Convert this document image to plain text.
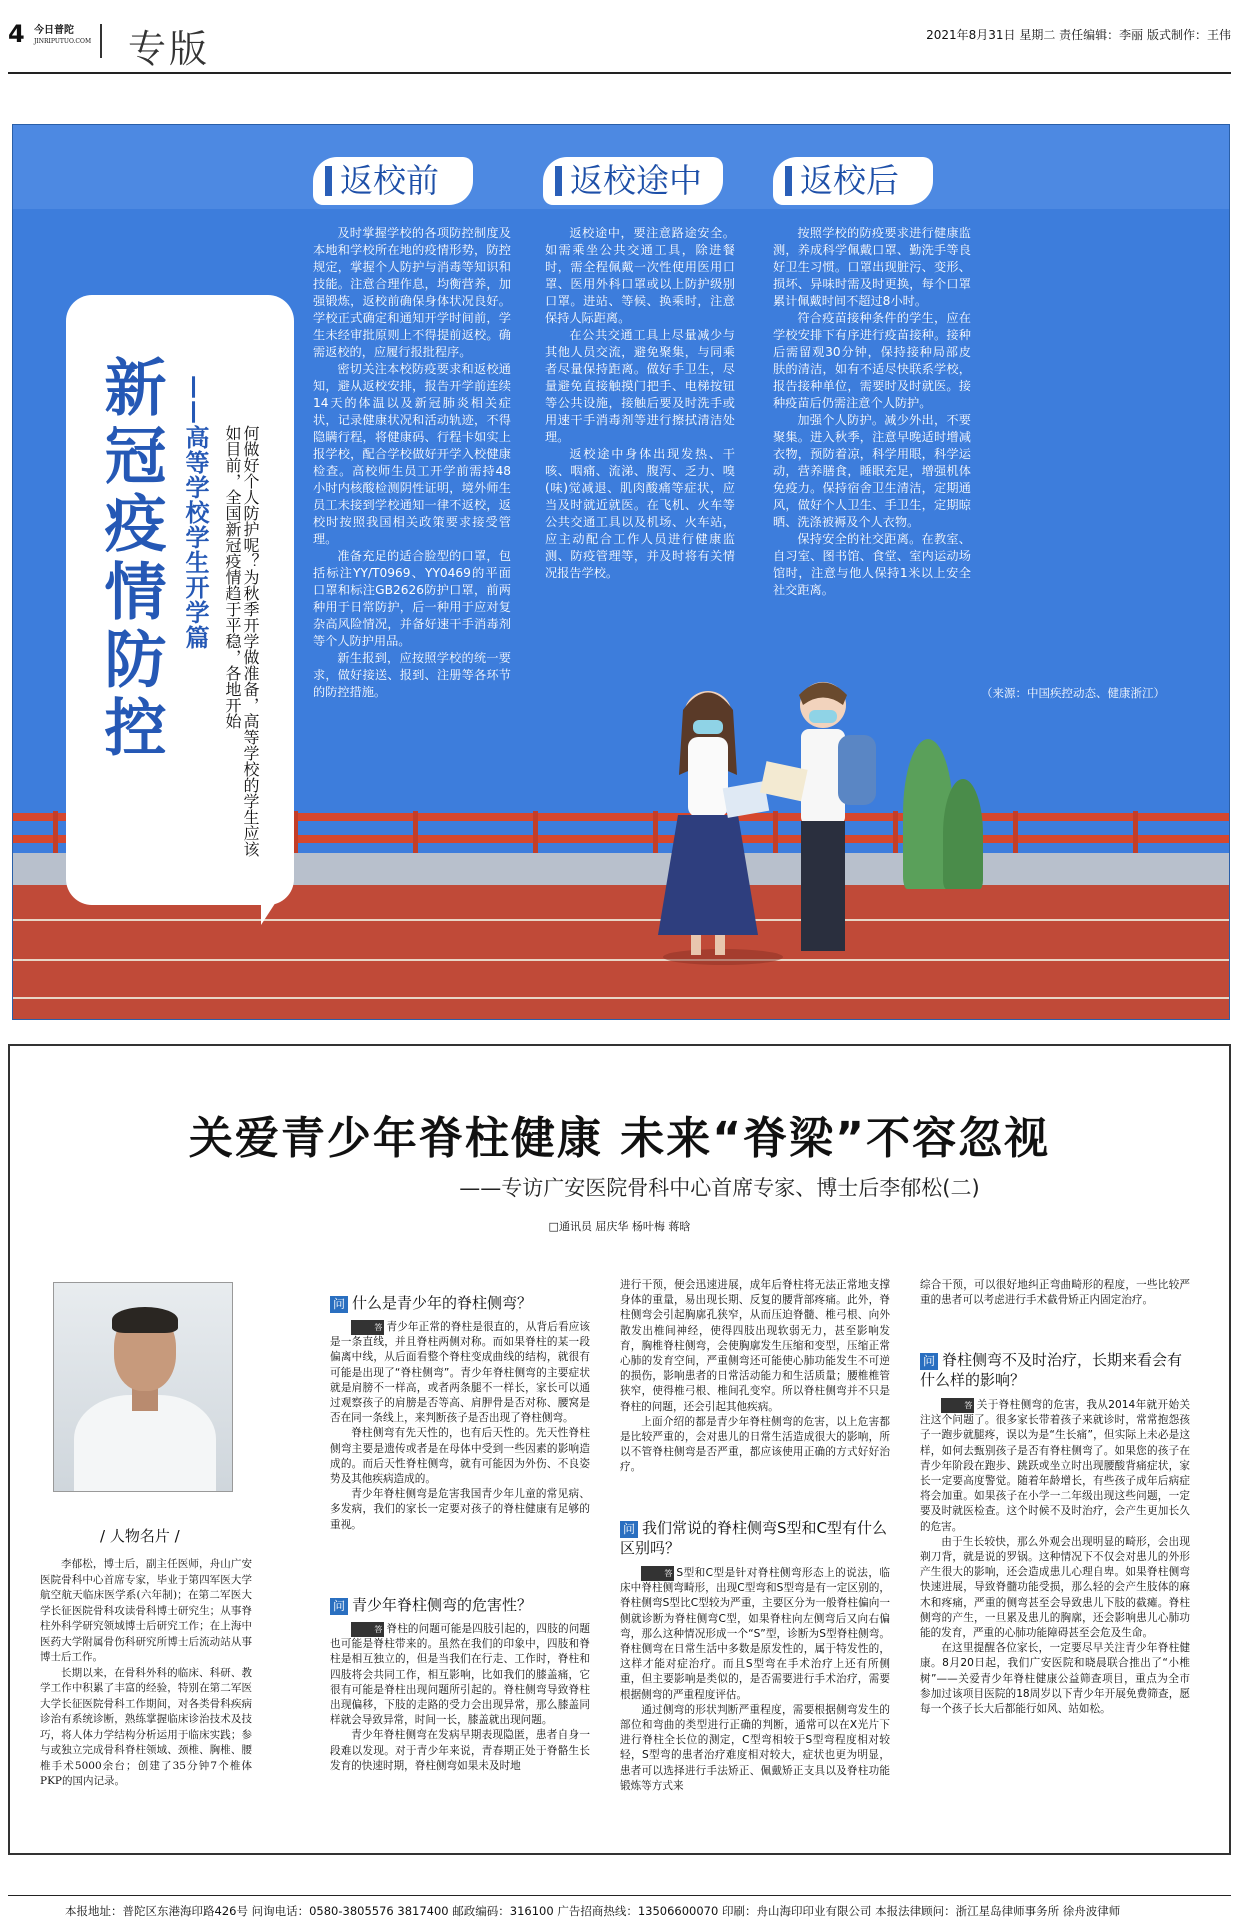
4 今日普陀
JINRIPUTUO.COM 专版	2021年8月31日 星期二 责任编辑：李丽 版式制作：王伟
新冠疫情防控 ——高等学校学生开学篇	何做好个人防护呢？为秋季开学做准备，高等学校的学生应该如目前，全国新冠疫情趋于平稳，各地开始
返校前	返校途中	返校后

及时掌握学校的各项防控制度及本地和学校所在地的疫情形势，防控规定，掌握个人防护与消毒等知识和技能。注意合理作息，均衡营养，加强锻炼，返校前确保身体状况良好。学校正式确定和通知开学时间前，学生未经审批原则上不得提前返校。确需返校的，应履行报批程序。

密切关注本校防疫要求和返校通知，避从返校安排，报告开学前连续14天的体温以及新冠肺炎相关症状，记录健康状况和活动轨迹，不得隐瞒行程，将健康码、行程卡如实上报学校，配合学校做好开学入校健康检查。高校师生员工开学前需持48小时内核酸检测阴性证明，境外师生员工未接到学校通知一律不返校，返校时按照我国相关政策要求接受管理。

准备充足的适合脸型的口罩，包括标注YY/T0969、YY0469的平面口罩和标注GB2626防护口罩，前两种用于日常防护，后一种用于应对复杂高风险情况，并备好速干手消毒剂等个人防护用品。

新生报到，应按照学校的统一要求，做好接送、报到、注册等各环节的防控措施。

返校途中，要注意路途安全。如需乘坐公共交通工具，除进餐时，需全程佩戴一次性使用医用口罩、医用外科口罩或以上防护级别口罩。进站、等候、换乘时，注意保持人际距离。

在公共交通工具上尽量减少与其他人员交流，避免聚集，与同乘者尽量保持距离。做好手卫生，尽量避免直接触摸门把手、电梯按钮等公共设施，接触后要及时洗手或用速干手消毒剂等进行擦拭清洁处理。

返校途中身体出现发热、干咳、咽痛、流涕、腹泻、乏力、嗅(味)觉减退、肌肉酸痛等症状，应当及时就近就医。在飞机、火车等公共交通工具以及机场、火车站，应主动配合工作人员进行健康监测、防疫管理等，并及时将有关情况报告学校。

按照学校的防疫要求进行健康监测，养成科学佩戴口罩、勤洗手等良好卫生习惯。口罩出现脏污、变形、损坏、异味时需及时更换，每个口罩累计佩戴时间不超过8小时。

符合疫苗接种条件的学生，应在学校安排下有序进行疫苗接种。接种后需留观30分钟，保持接种局部皮肤的清洁，如有不适尽快联系学校，报告接种单位，需要时及时就医。接种疫苗后仍需注意个人防护。

加强个人防护。减少外出，不要聚集。进入秋季，注意早晚适时增减衣物，预防着凉，科学用眼，科学运动，营养膳食，睡眠充足，增强机体免疫力。保持宿舍卫生清洁，定期通风，做好个人卫生、手卫生，定期晾晒、洗涤被褥及个人衣物。

保持安全的社交距离。在教室、自习室、图书馆、食堂、室内运动场馆时，注意与他人保持1米以上安全社交距离。

（来源：中国疾控动态、健康浙江）
关爱青少年脊柱健康 未来“脊梁”不容忽视
——专访广安医院骨科中心首席专家、博士后李郁松(二)
□通讯员 屈庆华 杨叶梅 蒋晗
/ 人物名片 /

李郁松，博士后，副主任医师，舟山广安医院骨科中心首席专家，毕业于第四军医大学航空航天临床医学系(六年制)；在第二军医大学长征医院骨科攻读骨科博士研究生；从事脊柱外科学研究领域博士后研究工作；在上海中医药大学附属骨伤科研究所博士后流动站从事博士后工作。

长期以来，在骨科外科的临床、科研、教学工作中积累了丰富的经验，特别在第二军医大学长征医院骨科工作期间，对各类骨科疾病诊治有系统诊断，熟练掌握临床诊治技术及技巧，将人体力学结构分析运用于临床实践；参与或独立完成骨科脊柱领域、颈椎、胸椎、腰椎手术5000余台；创建了35分钟7个椎体PKP的国内记录。

问 什么是青少年的脊柱侧弯？

答 青少年正常的脊柱是很直的，从背后看应该是一条直线，并且脊柱两侧对称。而如果脊柱的某一段偏离中线，从后面看整个脊柱变成曲线的结构，就很有可能是出现了“脊柱侧弯”。青少年脊柱侧弯的主要症状就是肩膀不一样高，或者两条腿不一样长，家长可以通过观察孩子的肩膀是否等高、肩胛骨是否对称、腰窝是否在同一条线上，来判断孩子是否出现了脊柱侧弯。

脊柱侧弯有先天性的，也有后天性的。先天性脊柱侧弯主要是遗传或者是在母体中受到一些因素的影响造成的。而后天性脊柱侧弯，就有可能因为外伤、不良姿势及其他疾病造成的。

青少年脊柱侧弯是危害我国青少年儿童的常见病、多发病，我们的家长一定要对孩子的脊柱健康有足够的重视。

问 青少年脊柱侧弯的危害性？

答 脊柱的问题可能是四肢引起的，四肢的问题也可能是脊柱带来的。虽然在我们的印象中，四肢和脊柱是相互独立的，但是当我们在行走、工作时，脊柱和四肢将会共同工作，相互影响，比如我们的膝盖痛，它很有可能是脊柱出现问题所引起的。脊柱侧弯导致脊柱出现偏移，下肢的走路的受力会出现异常，那么膝盖同样就会导致异常，时间一长，膝盖就出现问题。

青少年脊柱侧弯在发病早期表现隐匿，患者自身一段难以发现。对于青少年来说，青春期正处于脊骼生长发育的快速时期，脊柱侧弯如果未及时地

进行干预，便会迅速进展，成年后脊柱将无法正常地支撑身体的重量，易出现长期、反复的腰背部疼痛。此外，脊柱侧弯会引起胸廓孔狭窄，从而压迫脊髓、椎弓根、向外散发出椎间神经，使得四肢出现软弱无力，甚至影响发育，胸椎脊柱侧弯，会使胸廓发生压缩和变型，压缩正常心肺的发育空间，严重侧弯还可能使心肺功能发生不可逆的损伤，影响患者的日常活动能力和生活质量；腰椎椎管狭窄，使得椎弓根、椎间孔变窄。所以脊柱侧弯并不只是脊柱的问题，还会引起其他疾病。

上面介绍的都是青少年脊柱侧弯的危害，以上危害都是比较严重的，会对患儿的日常生活造成很大的影响，所以不管脊柱侧弯是否严重，都应该使用正确的方式好好治疗。

问 我们常说的脊柱侧弯S型和C型有什么区别吗？

答 S型和C型是针对脊柱侧弯形态上的说法，临床中脊柱侧弯畸形，出现C型弯和S型弯是有一定区别的，脊柱侧弯S型比C型较为严重，主要区分为一般脊柱偏向一侧就诊断为脊柱侧弯C型，如果脊柱向左侧弯后又向右偏弯，那么这种情况形成一个“S”型，诊断为S型脊柱侧弯。脊柱侧弯在日常生活中多数是原发性的，属于特发性的，这样才能对症治疗。而且S型弯在手术治疗上还有所侧重，但主要影响是类似的，是否需要进行手术治疗，需要根据侧弯的严重程度评估。

通过侧弯的形状判断严重程度，需要根据侧弯发生的部位和弯曲的类型进行正确的判断，通常可以在X光片下进行脊柱全长位的测定，C型弯相较于S型弯程度相对较轻，S型弯的患者治疗难度相对较大，症状也更为明显，患者可以选择进行手法矫正、佩戴矫正支具以及脊柱功能锻炼等方式来

综合干预，可以很好地纠正弯曲畸形的程度，一些比较严重的患者可以考虑进行手术截骨矫正内固定治疗。

问 脊柱侧弯不及时治疗，长期来看会有什么样的影响？

答 关于脊柱侧弯的危害，我从2014年就开始关注这个问题了。很多家长带着孩子来就诊时，常常抱怨孩子一跑步就腿疼，误以为是“生长痛”，但实际上未必是这样，如何去甄别孩子是否有脊柱侧弯了。如果您的孩子在青少年阶段在跑步、跳跃或坐立时出现腰酸背痛症状，家长一定要高度警觉。随着年龄增长，有些孩子成年后病症将会加重。如果孩子在小学一二年级出现这些问题，一定要及时就医检查。这个时候不及时治疗，会产生更加长久的危害。

由于生长较快，那么外观会出现明显的畸形，会出现剃刀背，就是说的罗锅。这种情况下不仅会对患儿的外形产生很大的影响，还会造成患儿心理自卑。如果脊柱侧弯快速进展，导致脊髓功能受损，那么轻的会产生肢体的麻木和疼痛，严重的侧弯甚至会导致患儿下肢的截瘫。脊柱侧弯的产生，一旦累及患儿的胸廓，还会影响患儿心肺功能的发育，严重的心肺功能障碍甚至会危及生命。

在这里提醒各位家长，一定要尽早关注青少年脊柱健康。8月20日起，我们广安医院和晓晨联合推出了“小椎树”——关爱青少年脊柱健康公益筛查项目，重点为全市参加过该项目医院的18周岁以下青少年开展免费筛查，愿每一个孩子长大后都能行如风、站如松。

本报地址：普陀区东港海印路426号 问询电话：0580-3805576 3817400 邮政编码：316100 广告招商热线：13506600070 印刷：舟山海印印业有限公司 本报法律顾问：浙江星岛律师事务所 徐舟波律师
